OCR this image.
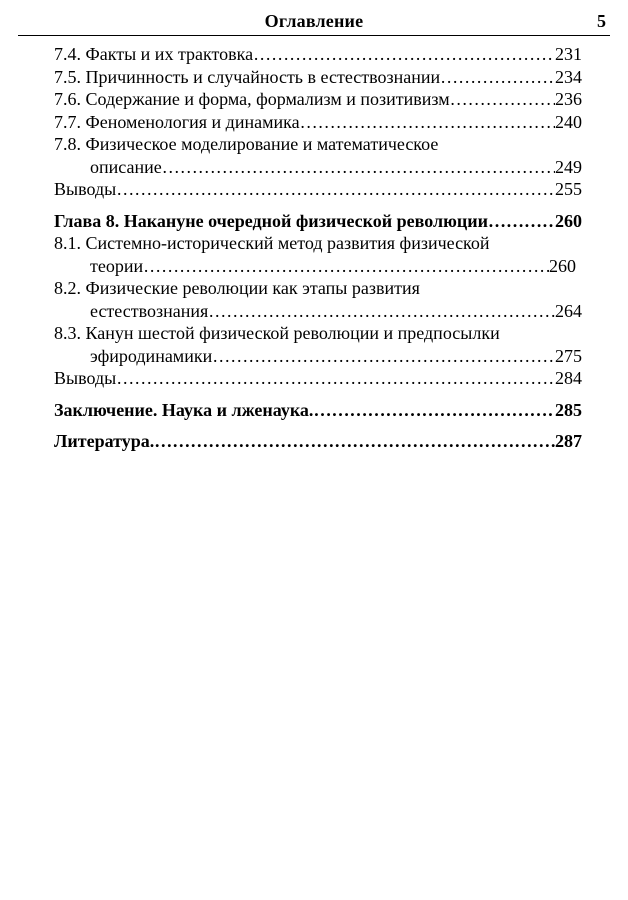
Оглавление	5
7.4. Факты и их трактовка …………………………………………………………………………………………………………………………	231
7.5. Причинность и случайность в естествознании …………………………………………………………………………………………………………………………	234
7.6. Содержание и форма, формализм и позитивизм …………………………………………………………………………………………………………………………	236
7.7. Феноменология и динамика …………………………………………………………………………………………………………………………	240
7.8. Физическое моделирование и математическое
описание …………………………………………………………………………………………………………………………	249
Выводы …………………………………………………………………………………………………………………………	255
Глава 8. Накануне очередной физической революции …………………………………………………………………………………………………………………………	260
8.1. Системно-исторический метод развития физической
теории …………………………………………………………………………………………………………………………	260
8.2. Физические революции как этапы развития
естествознания …………………………………………………………………………………………………………………………	264
8.3. Канун шестой физической революции и предпосылки
эфиродинамики …………………………………………………………………………………………………………………………	275
Выводы …………………………………………………………………………………………………………………………	284
Заключение. Наука и лженаука. …………………………………………………………………………………………………………………………	285
Литература. …………………………………………………………………………………………………………………………	287
